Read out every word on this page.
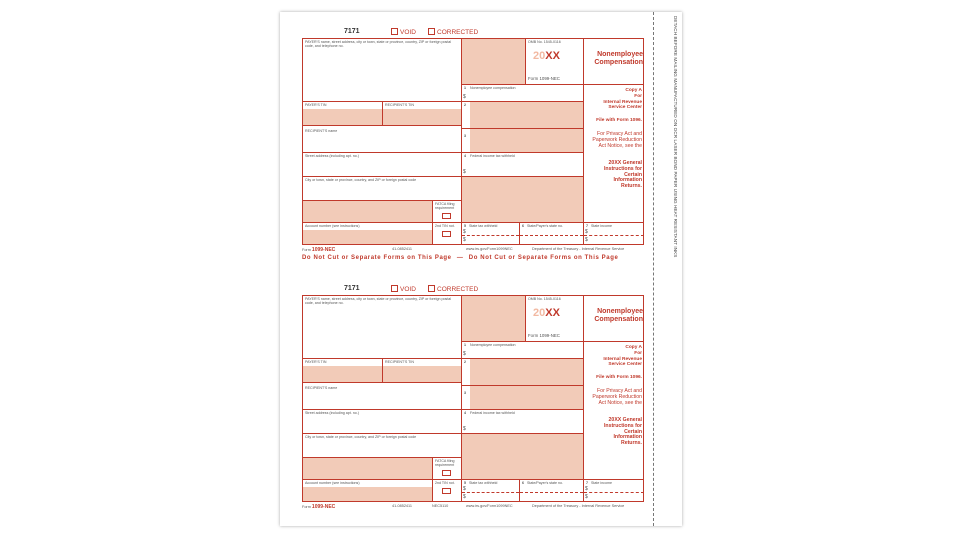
DETACH BEFORE MAILING MANUFACTURED ON OCR LASER BOND PAPER USING HEAT RESISTANT INKS
7171	VOID	CORRECTED
PAYER'S name, street address, city or town, state or province, country, ZIP or foreign postal code, and telephone no.
OMB No. 1545-0116
20XX
Form 1099-NEC
Nonemployee Compensation
1 Nonemployee compensation
$
PAYER'S TIN	RECIPIENT'S TIN	2
RECIPIENT'S name
3
Street address (including apt. no.)	4 Federal income tax withheld
$
City or town, state or province, country, and ZIP or foreign postal code
FATCA filing requirement
Account number (see instructions)	2nd TIN not.	5 State tax withheld
$
$
6 State/Payer's state no.	7 State income
$
$
Copy A
For
Internal Revenue Service Center
File with Form 1096.
For Privacy Act and Paperwork Reduction Act Notice, see the
20XX General Instructions for Certain Information Returns.
Form 1099-NEC	41-0852411	www.irs.gov/Form1099NEC	Department of the Treasury - Internal Revenue Service
Do Not Cut or Separate Forms on This Page — Do Not Cut or Separate Forms on This Page
7171	VOID	CORRECTED
PAYER'S name, street address, city or town, state or province, country, ZIP or foreign postal code, and telephone no.
OMB No. 1545-0116
20XX
Form 1099-NEC
Nonemployee Compensation
1 Nonemployee compensation
$
PAYER'S TIN	RECIPIENT'S TIN	2
RECIPIENT'S name
3
Street address (including apt. no.)	4 Federal income tax withheld
$
City or town, state or province, country, and ZIP or foreign postal code
FATCA filing requirement
Account number (see instructions)	2nd TIN not.	5 State tax withheld
$
$
6 State/Payer's state no.	7 State income
$
$
Copy A
For
Internal Revenue Service Center
File with Form 1096.
For Privacy Act and Paperwork Reduction Act Notice, see the
20XX General Instructions for Certain Information Returns.
Form 1099-NEC	41-0852411	NEC5110	www.irs.gov/Form1099NEC	Department of the Treasury - Internal Revenue Service
